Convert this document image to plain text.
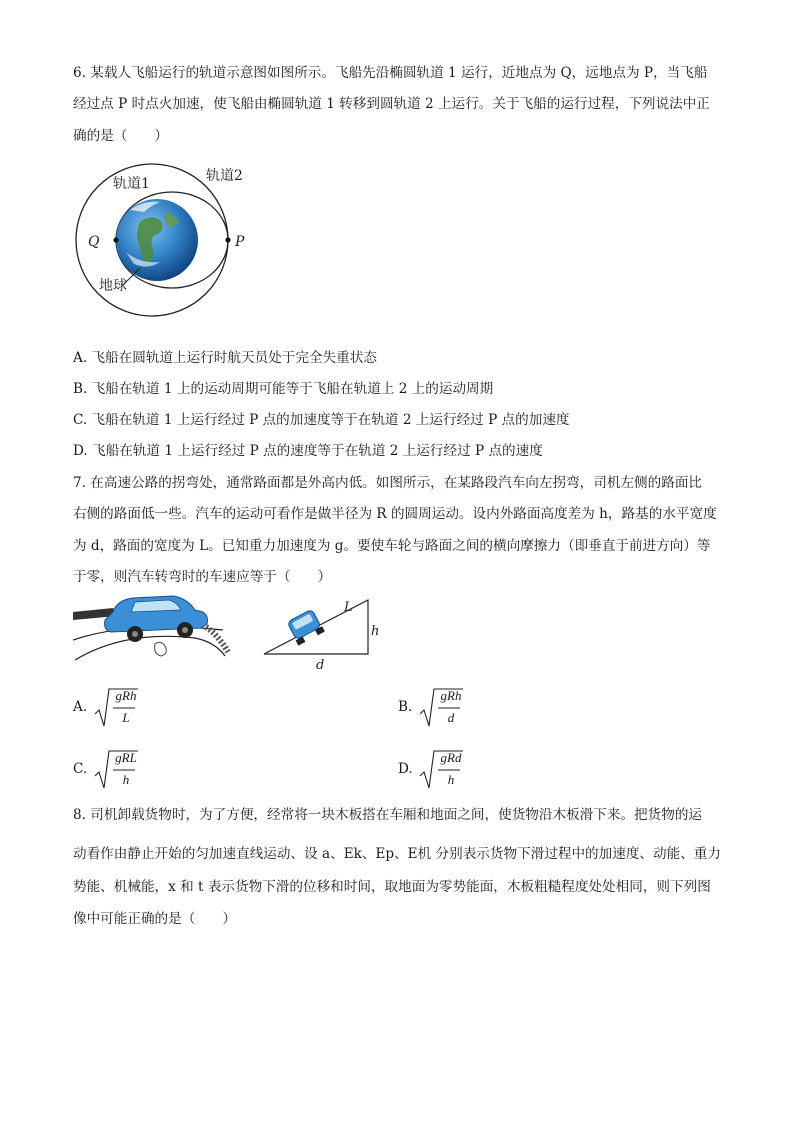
6. 某载人飞船运行的轨道示意图如图所示。飞船先沿椭圆轨道 1 运行，近地点为 Q，远地点为 P，当飞船
经过点 P 时点火加速，使飞船由椭圆轨道 1 转移到圆轨道 2 上运行。关于飞船的运行过程，下列说法中正
确的是（　　）
轨道1	轨道2
Q	P
地球
A. 飞船在圆轨道上运行时航天员处于完全失重状态
B. 飞船在轨道 1 上的运动周期可能等于飞船在轨道上 2 上的运动周期
C. 飞船在轨道 1 上运行经过 P 点的加速度等于在轨道 2 上运行经过 P 点的加速度
D. 飞船在轨道 1 上运行经过 P 点的速度等于在轨道 2 上运行经过 P 点的速度
7. 在高速公路的拐弯处，通常路面都是外高内低。如图所示，在某路段汽车向左拐弯，司机左侧的路面比
右侧的路面低一些。汽车的运动可看作是做半径为 R 的圆周运动。设内外路面高度差为 h，路基的水平宽度
为 d，路面的宽度为 L。已知重力加速度为 g。要使车轮与路面之间的横向摩擦力（即垂直于前进方向）等
于零，则汽车转弯时的车速应等于（　　）
L
h
d
A.
gRh
L
B.
gRh
d
C.
gRL
h
D.
gRd
h
8. 司机卸载货物时，为了方便，经常将一块木板搭在车厢和地面之间，使货物沿木板滑下来。把货物的运
动看作由静止开始的匀加速直线运动、设 a、Ek、Ep、E机 分别表示货物下滑过程中的加速度、动能、重力
势能、机械能，x 和 t 表示货物下滑的位移和时间，取地面为零势能面，木板粗糙程度处处相同，则下列图
像中可能正确的是（　　）
